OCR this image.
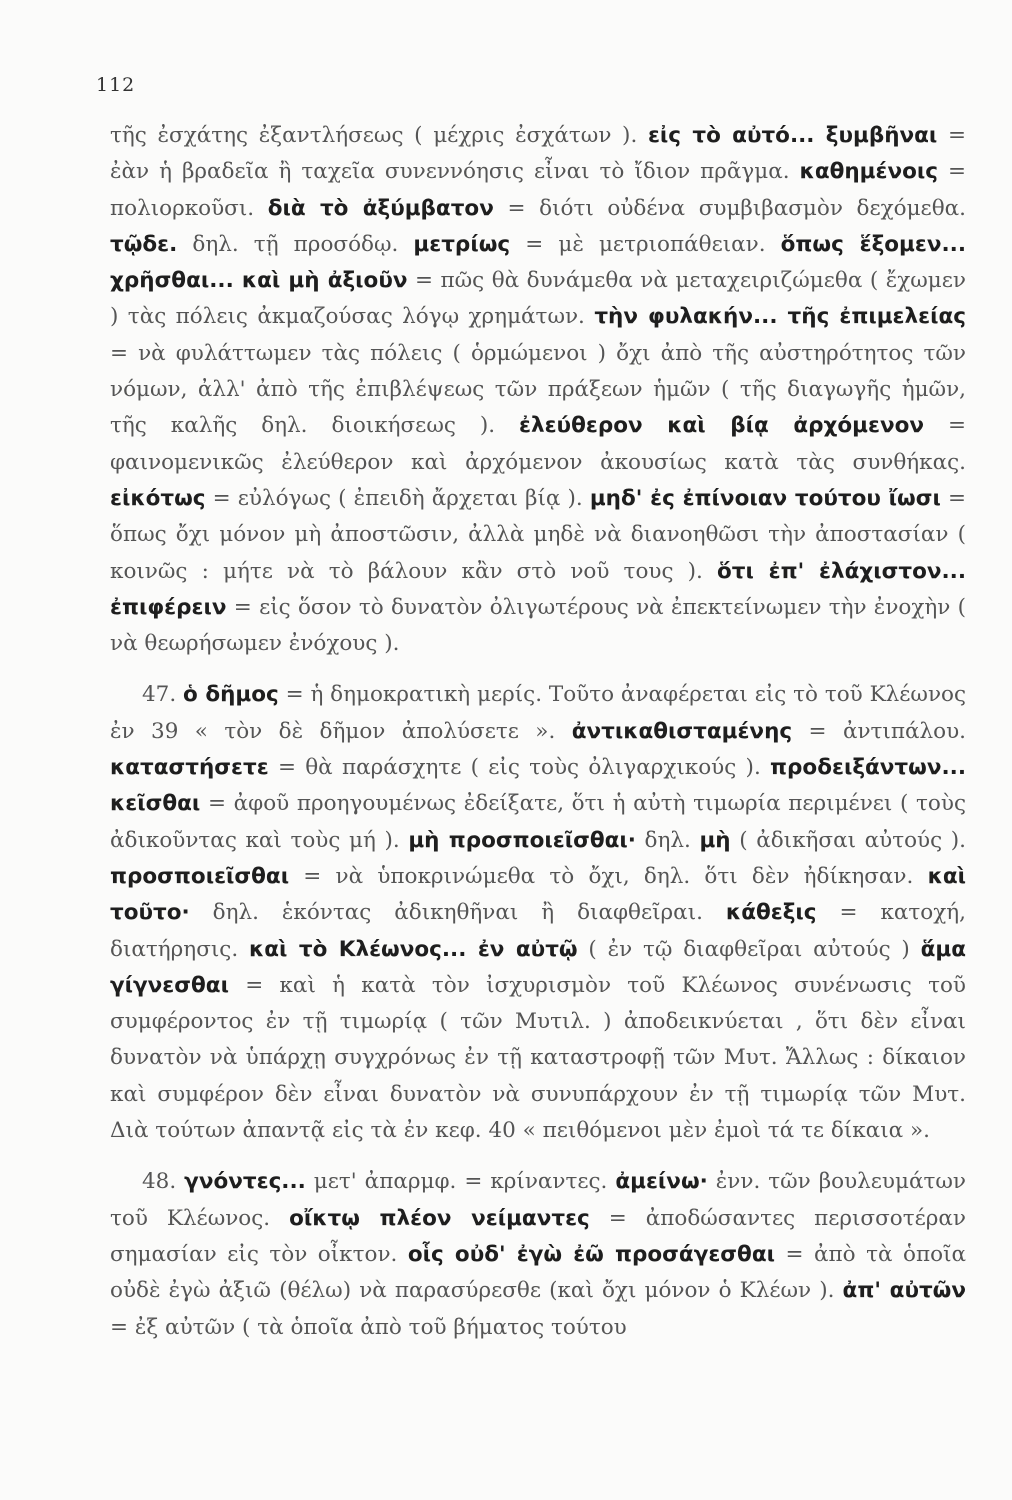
112

τῆς ἐσχάτης ἐξαντλήσεως ( μέχρις ἐσχάτων ). εἰς τὸ αὐτό... ξυμβῆναι = ἐὰν ἡ βραδεῖα ἢ ταχεῖα συνεννόησις εἶναι τὸ ἴδιον πρᾶγμα. καθημένοις = πολιορκοῦσι. διὰ τὸ ἀξύμβατον = διότι οὐδένα συμβιβασμὸν δεχόμεθα. τῷδε. δηλ. τῇ προσόδῳ. μετρίως = μὲ μετριοπάθειαν. ὅπως ἕξομεν... χρῆσθαι... καὶ μὴ ἀξιοῦν = πῶς θὰ δυνάμεθα νὰ μεταχειριζώμεθα ( ἔχωμεν ) τὰς πόλεις ἀκμαζούσας λόγῳ χρημάτων. τὴν φυλακήν... τῆς ἐπιμελείας = νὰ φυλάττωμεν τὰς πόλεις ( ὁρμώμενοι ) ὄχι ἀπὸ τῆς αὐστηρότητος τῶν νόμων, ἀλλ' ἀπὸ τῆς ἐπιβλέψεως τῶν πράξεων ἡμῶν ( τῆς διαγωγῆς ἡμῶν, τῆς καλῆς δηλ. διοικήσεως ). ἐλεύθερον καὶ βίᾳ ἀρχόμενον = φαινομενικῶς ἐλεύθερον καὶ ἀρχόμενον ἀκουσίως κατὰ τὰς συνθήκας. εἰκότως = εὐλόγως ( ἐπειδὴ ἄρχεται βίᾳ ). μηδ' ἐς ἐπίνοιαν τούτου ἴωσι = ὅπως ὄχι μόνον μὴ ἀποστῶσιν, ἀλλὰ μηδὲ νὰ διανοηθῶσι τὴν ἀποστασίαν ( κοινῶς : μήτε νὰ τὸ βάλουν κἂν στὸ νοῦ τους ). ὅτι ἐπ' ἐλάχιστον... ἐπιφέρειν = εἰς ὅσον τὸ δυνατὸν ὀλιγωτέρους νὰ ἐπεκτείνωμεν τὴν ἐνοχὴν ( νὰ θεωρήσωμεν ἐνόχους ).

47. ὁ δῆμος = ἡ δημοκρατικὴ μερίς. Τοῦτο ἀναφέρεται εἰς τὸ τοῦ Κλέωνος ἐν 39 « τὸν δὲ δῆμον ἀπολύσετε ». ἀντικαθισταμένης = ἀντιπάλου. καταστήσετε = θὰ παράσχητε ( εἰς τοὺς ὀλιγαρχικούς ). προδειξάντων... κεῖσθαι = ἀφοῦ προηγουμένως ἐδείξατε, ὅτι ἡ αὐτὴ τιμωρία περιμένει ( τοὺς ἀδικοῦντας καὶ τοὺς μή ). μὴ προσποιεῖσθαι· δηλ. μὴ ( ἀδικῆσαι αὐτούς ). προσποιεῖσθαι = νὰ ὑποκρινώμεθα τὸ ὄχι, δηλ. ὅτι δὲν ἠδίκησαν. καὶ τοῦτο· δηλ. ἑκόντας ἀδικηθῆναι ἢ διαφθεῖραι. κάθεξις = κατοχή, διατήρησις. καὶ τὸ Κλέωνος... ἐν αὐτῷ ( ἐν τῷ διαφθεῖραι αὐτούς ) ἅμα γίγνεσθαι = καὶ ἡ κατὰ τὸν ἰσχυρισμὸν τοῦ Κλέωνος συνένωσις τοῦ συμφέροντος ἐν τῇ τιμωρίᾳ ( τῶν Μυτιλ. ) ἀποδεικνύεται , ὅτι δὲν εἶναι δυνατὸν νὰ ὑπάρχῃ συγχρόνως ἐν τῇ καταστροφῇ τῶν Μυτ. Ἄλλως : δίκαιον καὶ συμφέρον δὲν εἶναι δυνατὸν νὰ συνυπάρχουν ἐν τῇ τιμωρίᾳ τῶν Μυτ. Διὰ τούτων ἀπαντᾷ εἰς τὰ ἐν κεφ. 40 « πειθόμενοι μὲν ἐμοὶ τά τε δίκαια ».

48. γνόντες... μετ' ἀπαρμφ. = κρίναντες. ἀμείνω· ἐνν. τῶν βουλευμάτων τοῦ Κλέωνος. οἴκτῳ πλέον νείμαντες = ἀποδώσαντες περισσοτέραν σημασίαν εἰς τὸν οἶκτον. οἷς οὐδ' ἐγὼ ἐῶ προσάγεσθαι = ἀπὸ τὰ ὁποῖα οὐδὲ ἐγὼ ἀξιῶ (θέλω) νὰ παρασύρεσθε (καὶ ὄχι μόνον ὁ Κλέων ). ἀπ' αὐτῶν = ἐξ αὐτῶν ( τὰ ὁποῖα ἀπὸ τοῦ βήματος τούτου
